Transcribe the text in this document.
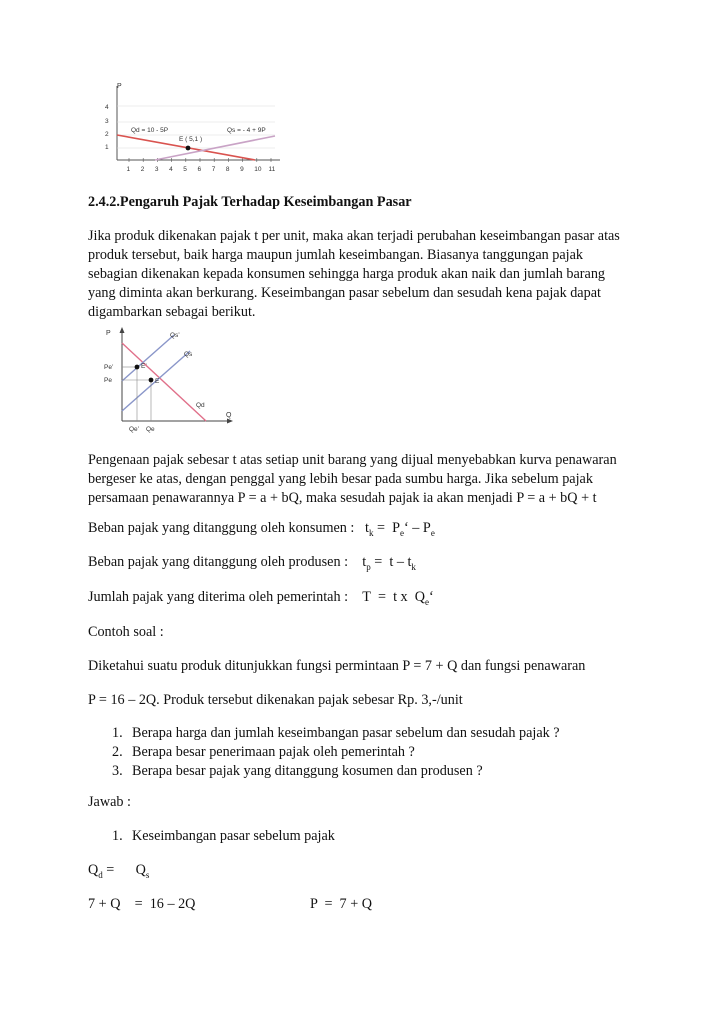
P
4
3
2
1
1 2 3 4 5 6 7 8 9 10 11
Qd = 10 - 5P	Qs = - 4 + 9P
E ( 5,1 )
2.4.2.Pengaruh Pajak Terhadap Keseimbangan Pasar
Jika produk dikenakan pajak t per unit, maka akan terjadi perubahan keseimbangan pasar atas
produk tersebut, baik harga maupun jumlah keseimbangan. Biasanya tanggungan pajak
sebagian dikenakan kepada konsumen sehingga harga produk akan naik dan jumlah barang
yang diminta akan berkurang. Keseimbangan pasar sebelum dan sesudah kena pajak dapat
digambarkan sebagai berikut.
P
Q
Qs’
Qs
Qd
Pe’
Pe
E’
E
Qe’ Qe
Pengenaan pajak sebesar t atas setiap unit barang yang dijual menyebabkan kurva penawaran
bergeser ke atas, dengan penggal yang lebih besar pada sumbu harga. Jika sebelum pajak
persamaan penawarannya P = a + bQ, maka sesudah pajak ia akan menjadi P = a + bQ + t
Beban pajak yang ditanggung oleh konsumen :   $t_k$ =  $P_e‘ - P_e$
Beban pajak yang ditanggung oleh produsen :    $t_p = t - t_k$
Jumlah pajak yang diterima oleh pemerintah :    T  =  t x  $Q_e‘$
Contoh soal :
Diketahui suatu produk ditunjukkan fungsi permintaan P = 7 + Q dan fungsi penawaran
P = 16 – 2Q. Produk tersebut dikenakan pajak sebesar Rp. 3,-/unit
1. Berapa harga dan jumlah keseimbangan pasar sebelum dan sesudah pajak ?
2. Berapa besar penerimaan pajak oleh pemerintah ?
3. Berapa besar pajak yang ditanggung kosumen dan produsen ?
Jawab :
1. Keseimbangan pasar sebelum pajak
$Q_d$ =      $Q_s$
7 + Q    =  16 – 2Q	P  =  7 + Q
